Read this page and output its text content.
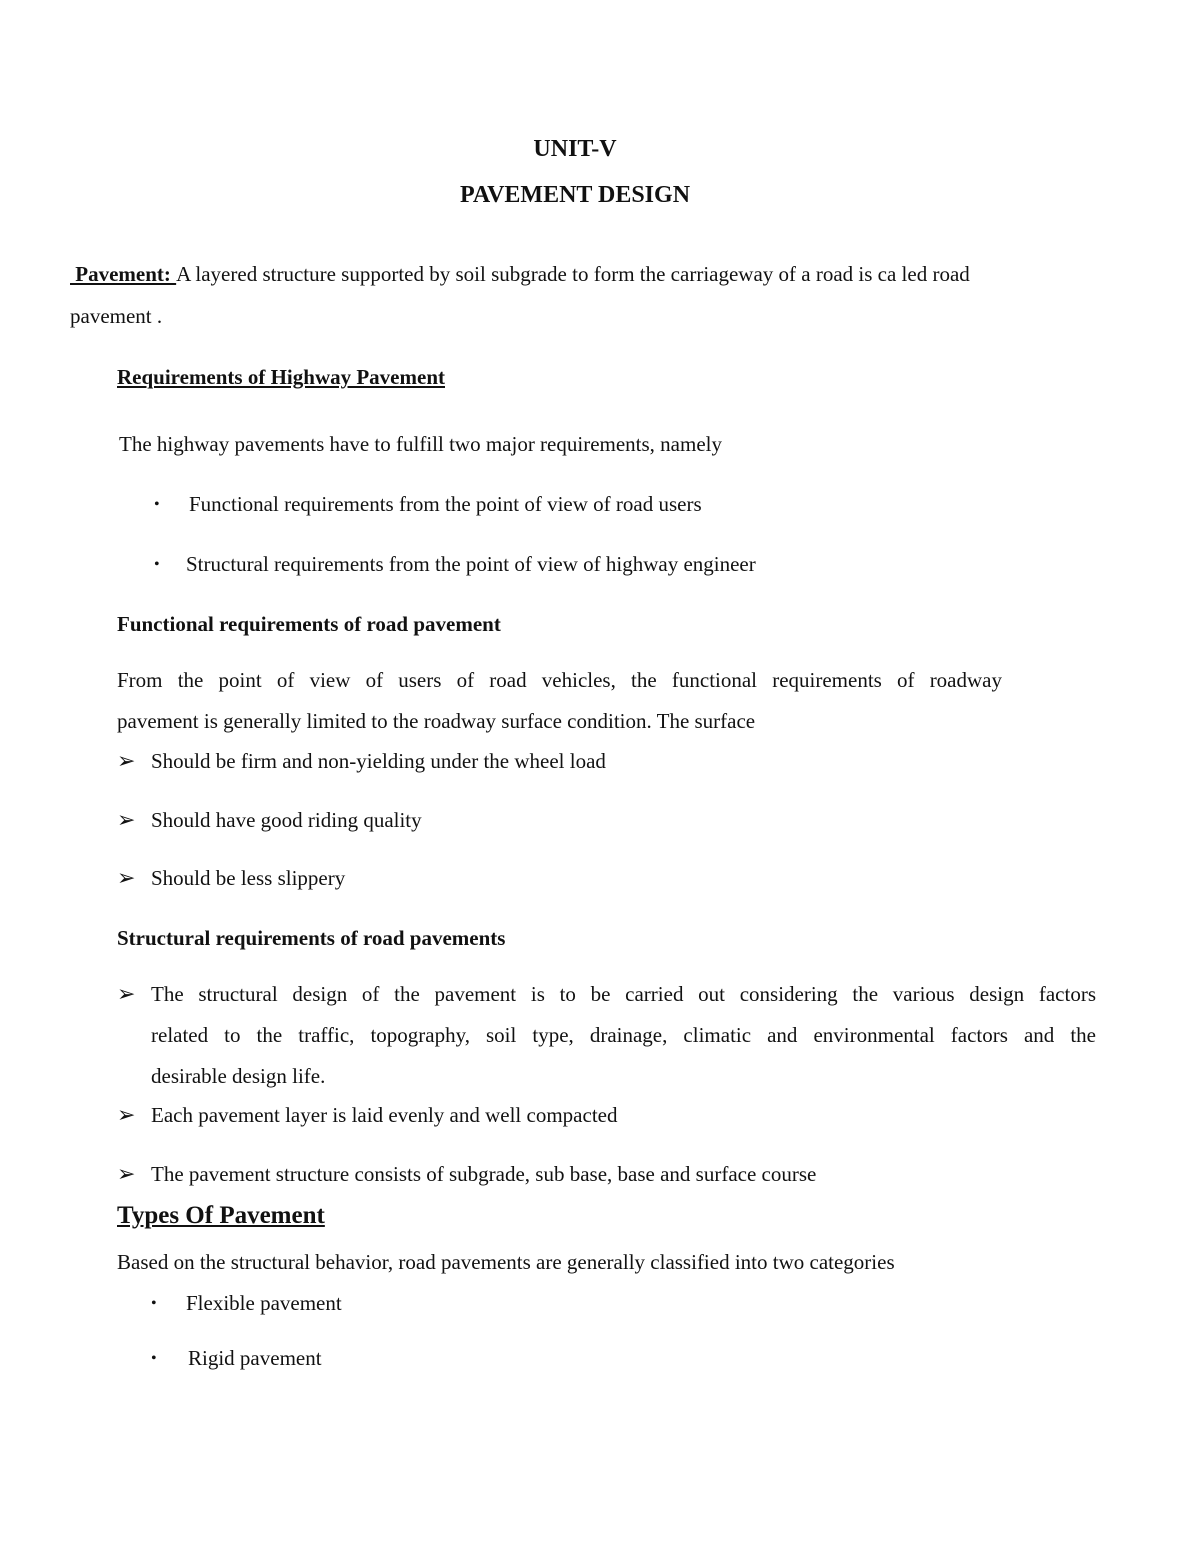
UNIT-V
PAVEMENT DESIGN
Pavement: A layered structure supported by soil subgrade to form the carriageway of a road is ca led road
pavement .
Requirements of Highway Pavement
The highway pavements have to fulfill two major requirements, namely
• Functional requirements from the point of view of road users
• Structural requirements from the point of view of highway engineer
Functional requirements of road pavement
From the point of view of users of road vehicles, the functional requirements of roadway
pavement is generally limited to the roadway surface condition. The surface
➢ Should be firm and non-yielding under the wheel load
➢ Should have good riding quality
➢ Should be less slippery
Structural requirements of road pavements
➢ The structural design of the pavement is to be carried out considering the various design factors
related to the traffic, topography, soil type, drainage, climatic and environmental factors and the
desirable design life.
➢ Each pavement layer is laid evenly and well compacted
➢ The pavement structure consists of subgrade, sub base, base and surface course
Types Of Pavement
Based on the structural behavior, road pavements are generally classified into two categories
• Flexible pavement
• Rigid pavement
